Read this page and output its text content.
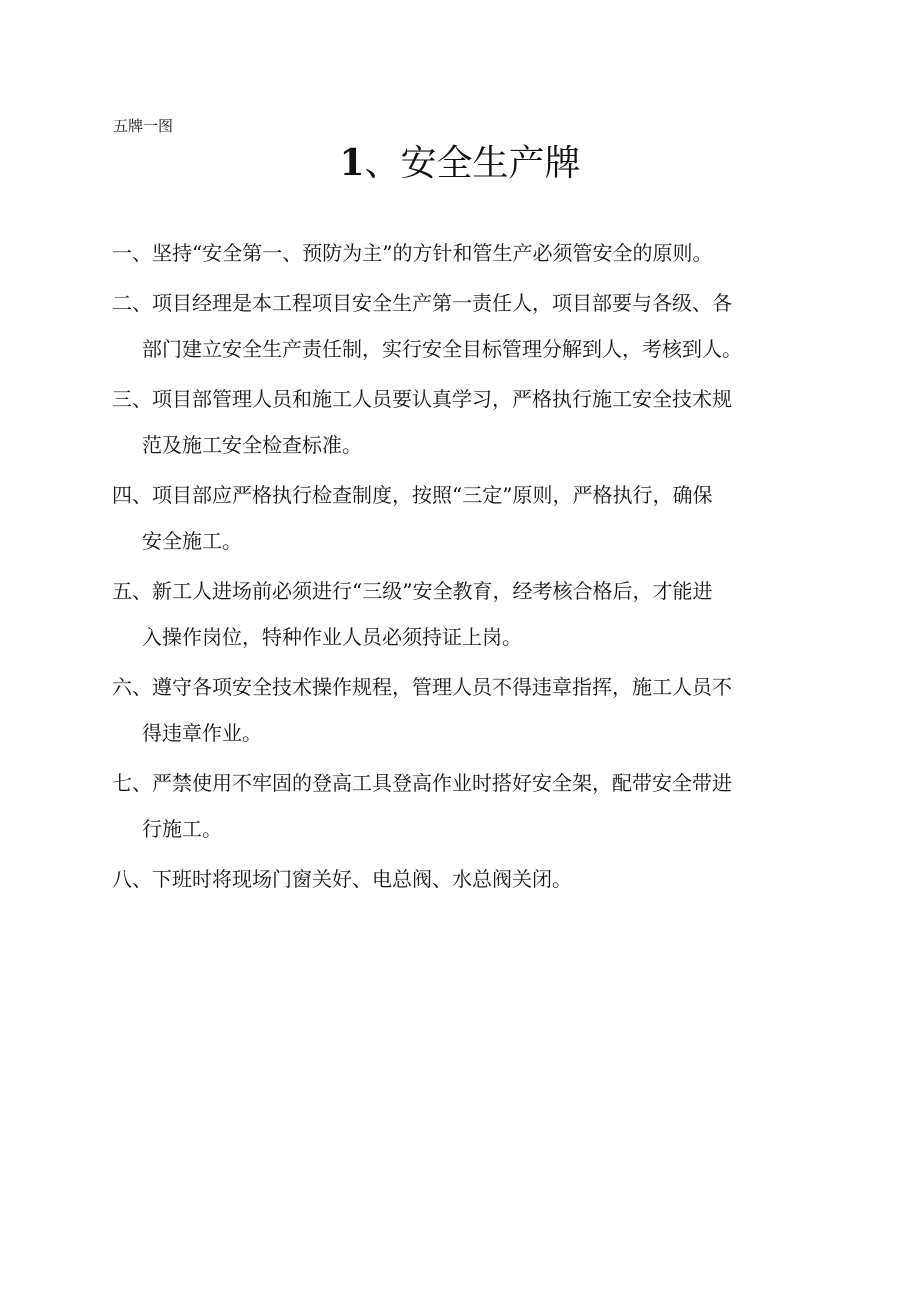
五牌一图
1、安全生产牌
一、坚持“安全第一、预防为主”的方针和管生产必须管安全的原则。
二、项目经理是本工程项目安全生产第一责任人，项目部要与各级、各
部门建立安全生产责任制，实行安全目标管理分解到人，考核到人。
三、项目部管理人员和施工人员要认真学习，严格执行施工安全技术规
范及施工安全检查标准。
四、项目部应严格执行检查制度，按照“三定”原则，严格执行，确保
安全施工。
五、新工人进场前必须进行“三级”安全教育，经考核合格后，才能进
入操作岗位，特种作业人员必须持证上岗。
六、遵守各项安全技术操作规程，管理人员不得违章指挥，施工人员不
得违章作业。
七、严禁使用不牢固的登高工具登高作业时搭好安全架，配带安全带进
行施工。
八、下班时将现场门窗关好、电总阀、水总阀关闭。
